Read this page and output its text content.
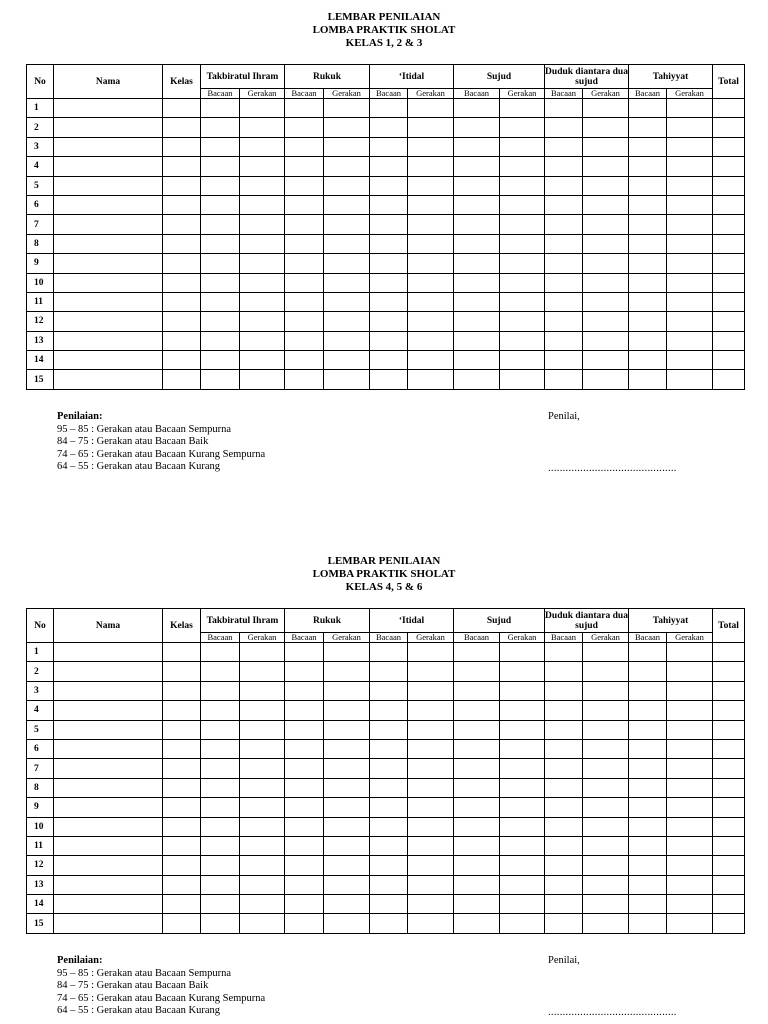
LEMBAR PENILAIAN
LOMBA PRAKTIK SHOLAT
KELAS 1, 2 & 3
No	Nama	Kelas	Takbiratul Ihram		Rukuk		‘Itidal		Sujud		Duduk diantara dua sujud		Tahiyyat		Total
			Bacaan	Gerakan	Bacaan	Gerakan	Bacaan	Gerakan	Bacaan	Gerakan	Bacaan	Gerakan	Bacaan	Gerakan	
1															
2															
3															
4															
5															
6															
7															
8															
9															
10															
11															
12															
13															
14															
15															
Penilaian:
95 – 85 : Gerakan atau Bacaan Sempurna
84 – 75 : Gerakan atau Bacaan Baik
74 – 65 : Gerakan atau Bacaan Kurang Sempurna
64 – 55 : Gerakan atau Bacaan Kurang
Penilai,
............................................
LEMBAR PENILAIAN
LOMBA PRAKTIK SHOLAT
KELAS 4, 5 & 6
No	Nama	Kelas	Takbiratul Ihram		Rukuk		‘Itidal		Sujud		Duduk diantara dua sujud		Tahiyyat		Total
			Bacaan	Gerakan	Bacaan	Gerakan	Bacaan	Gerakan	Bacaan	Gerakan	Bacaan	Gerakan	Bacaan	Gerakan	
1															
2															
3															
4															
5															
6															
7															
8															
9															
10															
11															
12															
13															
14															
15															
Penilaian:
95 – 85 : Gerakan atau Bacaan Sempurna
84 – 75 : Gerakan atau Bacaan Baik
74 – 65 : Gerakan atau Bacaan Kurang Sempurna
64 – 55 : Gerakan atau Bacaan Kurang
Penilai,
............................................
